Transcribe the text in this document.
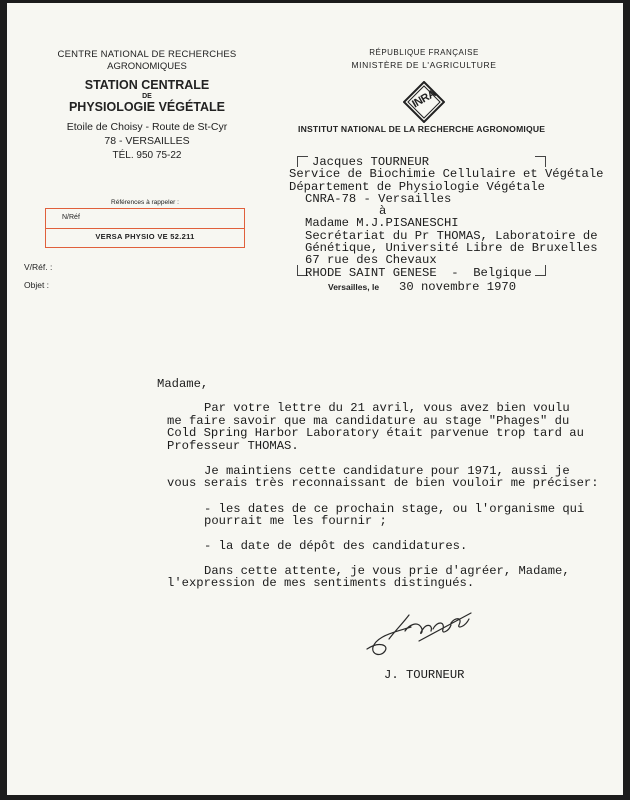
CENTRE NATIONAL DE RECHERCHES
AGRONOMIQUES
STATION CENTRALE
DE
PHYSIOLOGIE VÉGÉTALE
Etoile de Choisy - Route de St-Cyr
78 - VERSAILLES
TÉL. 950 75-22
RÉPUBLIQUE FRANÇAISE
MINISTÈRE DE L'AGRICULTURE
INRA
INSTITUT NATIONAL DE LA RECHERCHE AGRONOMIQUE
Références à rappeler :
N/Réf
VERSA PHYSIO VE 52.211
V/Réf. :
Objet :
Jacques TOURNEUR
Service de Biochimie Cellulaire et Végétale
Département de Physiologie Végétale
CNRA-78 - Versailles
à
Madame M.J.PISANESCHI
Secrétariat du Pr THOMAS, Laboratoire de
Génétique, Université Libre de Bruxelles
67 rue des Chevaux
RHODE SAINT GENESE  -  Belgique
Versailles, le 30 novembre 1970
Madame,
Par votre lettre du 21 avril, vous avez bien voulu
me faire savoir que ma candidature au stage "Phages" du
Cold Spring Harbor Laboratory était parvenue trop tard au
Professeur THOMAS.
Je maintiens cette candidature pour 1971, aussi je
vous serais très reconnaissant de bien vouloir me préciser:
- les dates de ce prochain stage, ou l'organisme qui
pourrait me les fournir ;
- la date de dépôt des candidatures.
Dans cette attente, je vous prie d'agréer, Madame,
l'expression de mes sentiments distingués.
J. TOURNEUR
